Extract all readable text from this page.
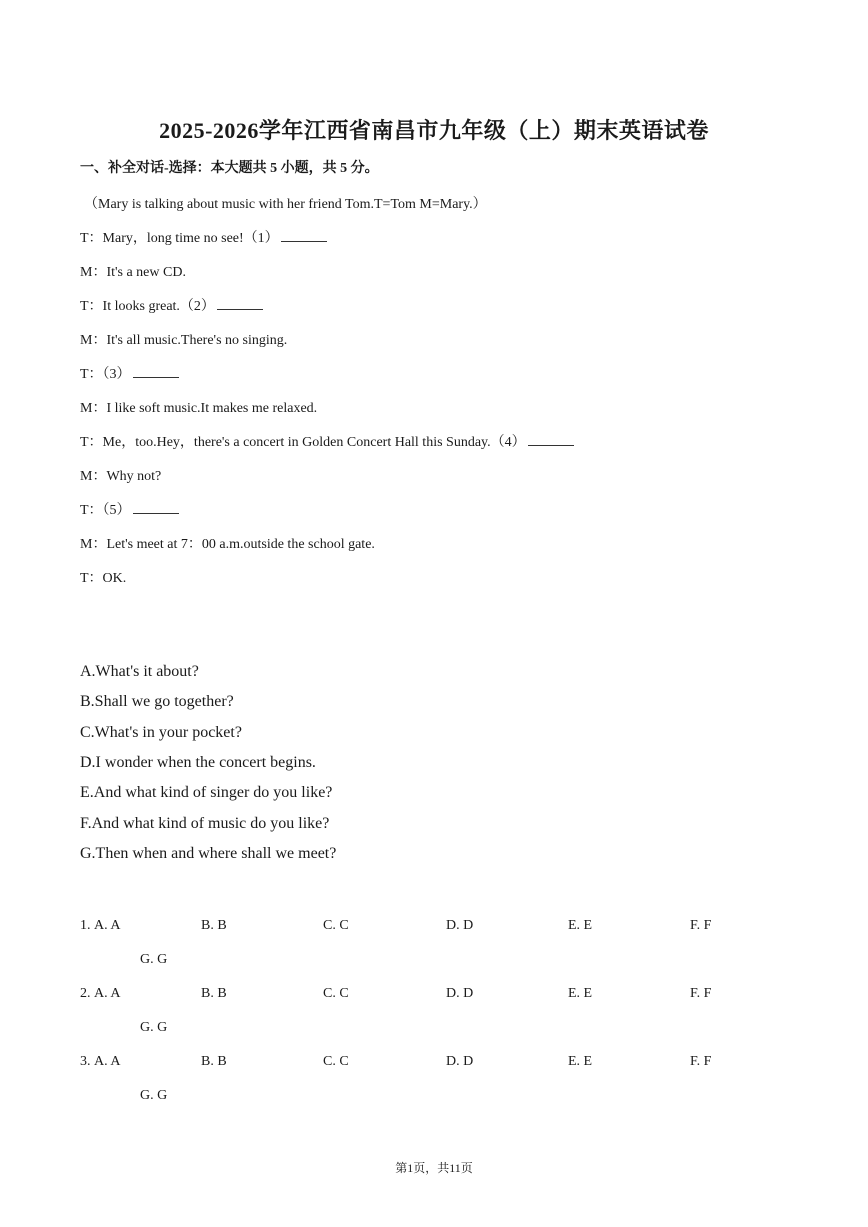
2025-2026学年江西省南昌市九年级（上）期末英语试卷
一、补全对话-选择：本大题共 5 小题，共 5 分。
（Mary is talking about music with her friend Tom.T=Tom M=Mary.）
T：Mary，long time no see!（1）
M：It's a new CD.
T：It looks great.（2）
M：It's all music.There's no singing.
T：（3）
M：I like soft music.It makes me relaxed.
T：Me，too.Hey，there's a concert in Golden Concert Hall this Sunday.（4）
M：Why not?
T：（5）
M：Let's meet at 7：00 a.m.outside the school gate.
T：OK.
A.What's it about?
B.Shall we go together?
C.What's in your pocket?
D.I wonder when the concert begins.
E.And what kind of singer do you like?
F.And what kind of music do you like?
G.Then when and where shall we meet?
1. A. A	B. B	C. C	D. D	E. E	F. F
G. G
2. A. A	B. B	C. C	D. D	E. E	F. F
G. G
3. A. A	B. B	C. C	D. D	E. E	F. F
G. G
第1页，共11页
